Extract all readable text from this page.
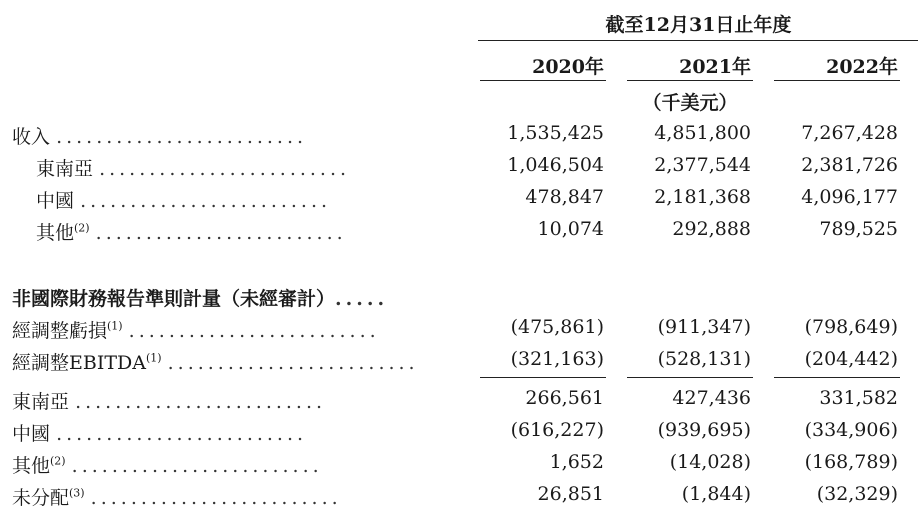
截至12月31日止年度
2020年	2021年	2022年
（千美元）
收入 .........................	1,535,425	4,851,800	7,267,428
東南亞 .........................	1,046,504	2,377,544	2,381,726
中國 .........................	478,847	2,181,368	4,096,177
其他$^{(2)}$ .........................	10,074	292,888	789,525
非國際財務報告準則計量（未經審計）.....
經調整虧損$^{(1)}$ .........................	(475,861)	(911,347)	(798,649)
經調整EBITDA$^{(1)}$ .........................	(321,163)	(528,131)	(204,442)
東南亞 .........................	266,561	427,436	331,582
中國 .........................	(616,227)	(939,695)	(334,906)
其他$^{(2)}$ .........................	1,652	(14,028)	(168,789)
未分配$^{(3)}$ .........................	26,851	(1,844)	(32,329)
